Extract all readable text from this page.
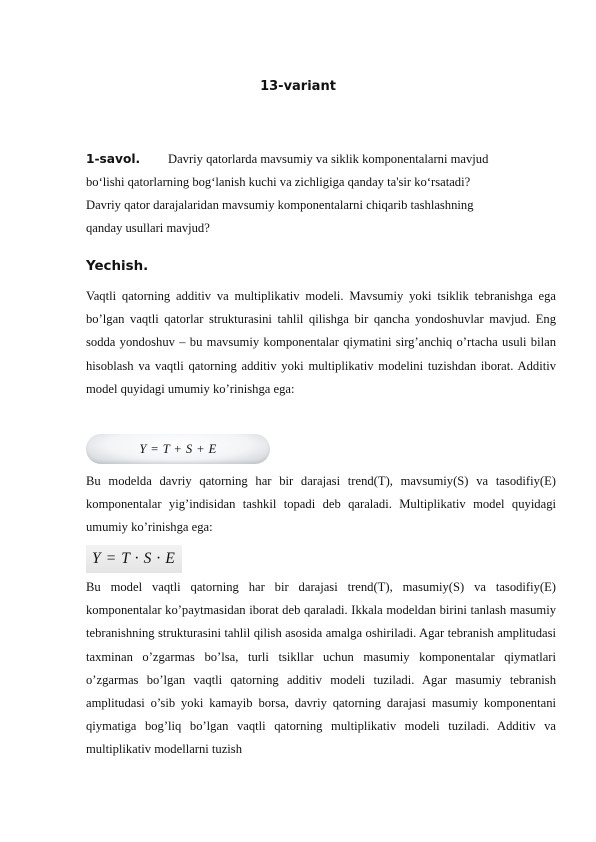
13-variant
1-savol. Davriy qatorlarda mavsumiy va siklik komponentalarni mavjud
bo‘lishi qatorlarning bog‘lanish kuchi va zichligiga qanday ta'sir ko‘rsatadi?
Davriy qator darajalaridan mavsumiy komponentalarni chiqarib tashlashning
qanday usullari mavjud?
Yechish.
Vaqtli qatorning additiv va multiplikativ modeli. Mavsumiy yoki tsiklik tebranishga ega bo’lgan vaqtli qatorlar strukturasini tahlil qilishga bir qancha yondoshuvlar mavjud. Eng sodda yondoshuv – bu mavsumiy komponentalar qiymatini sirg’anchiq o’rtacha usuli bilan hisoblash va vaqtli qatorning additiv yoki multiplikativ modelini tuzishdan iborat. Additiv model quyidagi umumiy ko’rinishga ega:
Y = T + S + E
Bu modelda davriy qatorning har bir darajasi trend(T), mavsumiy(S) va tasodifiy(E) komponentalar yig’indisidan tashkil topadi deb qaraladi. Multiplikativ model quyidagi umumiy ko’rinishga ega:
Y = T · S · E
Bu model vaqtli qatorning har bir darajasi trend(T), masumiy(S) va tasodifiy(E) komponentalar ko’paytmasidan iborat deb qaraladi. Ikkala modeldan birini tanlash masumiy tebranishning strukturasini tahlil qilish asosida amalga oshiriladi. Agar tebranish amplitudasi taxminan o’zgarmas bo’lsa, turli tsikllar uchun masumiy komponentalar qiymatlari o’zgarmas bo’lgan vaqtli qatorning additiv modeli tuziladi. Agar masumiy tebranish amplitudasi o’sib yoki kamayib borsa, davriy qatorning darajasi masumiy komponentani qiymatiga bog’liq bo’lgan vaqtli qatorning multiplikativ modeli tuziladi. Additiv va multiplikativ modellarni tuzish
